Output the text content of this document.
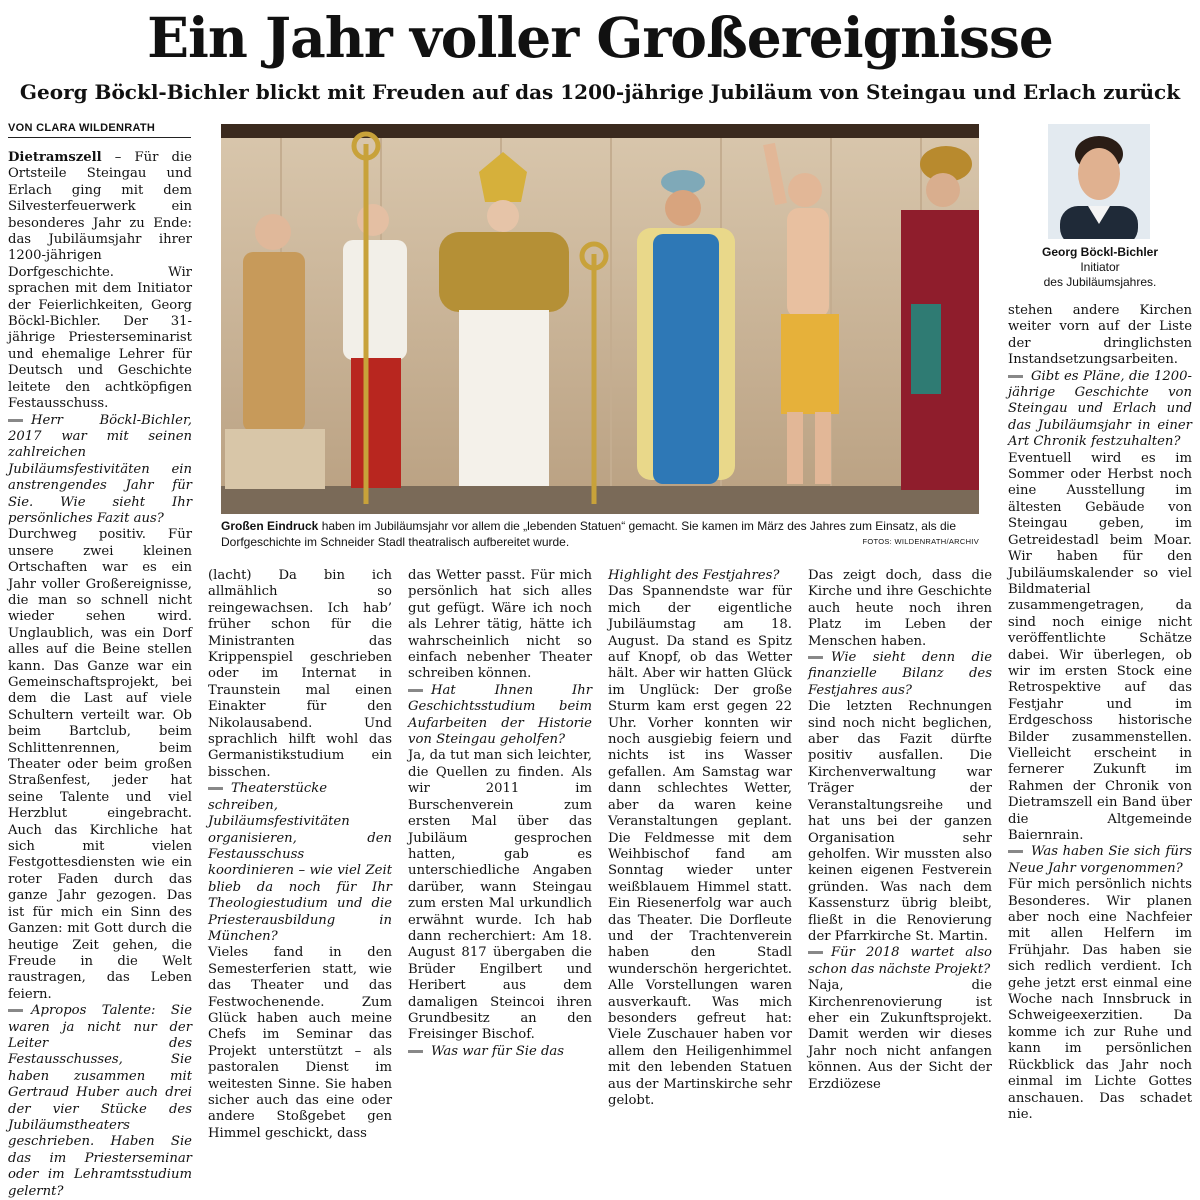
Ein Jahr voller Großereignisse
Georg Böckl-Bichler blickt mit Freuden auf das 1200-jährige Jubiläum von Steingau und Erlach zurück
VON CLARA WILDENRATH

Dietramszell – Für die Ortsteile Steingau und Erlach ging mit dem Silvesterfeuerwerk ein besonderes Jahr zu Ende: das Jubiläumsjahr ihrer 1200-jährigen Dorfgeschichte. Wir sprachen mit dem Initiator der Feierlichkeiten, Georg Böckl-Bichler. Der 31-jährige Priesterseminarist und ehemalige Lehrer für Deutsch und Geschichte leitete den achtköpfigen Festausschuss.

Herr Böckl-Bichler, 2017 war mit seinen zahlreichen Jubiläumsfestivitäten ein anstrengendes Jahr für Sie. Wie sieht Ihr persönliches Fazit aus?

Durchweg positiv. Für unsere zwei kleinen Ortschaften war es ein Jahr voller Großereignisse, die man so schnell nicht wieder sehen wird. Unglaublich, was ein Dorf alles auf die Beine stellen kann. Das Ganze war ein Gemeinschaftsprojekt, bei dem die Last auf viele Schultern verteilt war. Ob beim Bartclub, beim Schlittenrennen, beim Theater oder beim großen Straßenfest, jeder hat seine Talente und viel Herzblut eingebracht. Auch das Kirchliche hat sich mit vielen Festgottesdiensten wie ein roter Faden durch das ganze Jahr gezogen. Das ist für mich ein Sinn des Ganzen: mit Gott durch die heutige Zeit gehen, die Freude in die Welt raustragen, das Leben feiern.

Apropos Talente: Sie waren ja nicht nur der Leiter des Festausschusses, Sie haben zusammen mit Gertraud Huber auch drei der vier Stücke des Jubiläumstheaters geschrieben. Haben Sie das im Priesterseminar oder im Lehramtsstudium gelernt?

Großen Eindruck haben im Jubiläumsjahr vor allem die „lebenden Statuen“ gemacht. Sie kamen im März des Jahres zum Einsatz, als die Dorfgeschichte im Schneider Stadl theatralisch aufbereitet wurde.	FOTOS: WILDENRATH/ARCHIV
Georg Böckl-Bichler
Initiator
des Jubiläumsjahres.

(lacht) Da bin ich allmählich so reingewachsen. Ich hab’ früher schon für die Ministranten das Krippenspiel geschrieben oder im Internat in Traunstein mal einen Einakter für den Nikolausabend. Und sprachlich hilft wohl das Germanistikstudium ein bisschen.

Theaterstücke schreiben, Jubiläumsfestivitäten organisieren, den Festausschuss koordinieren – wie viel Zeit blieb da noch für Ihr Theologiestudium und die Priesterausbildung in München?

Vieles fand in den Semesterferien statt, wie das Theater und das Festwochenende. Zum Glück haben auch meine Chefs im Seminar das Projekt unterstützt – als pastoralen Dienst im weitesten Sinne. Sie haben sicher auch das eine oder andere Stoßgebet gen Himmel geschickt, dass

das Wetter passt. Für mich persönlich hat sich alles gut gefügt. Wäre ich noch als Lehrer tätig, hätte ich wahrscheinlich nicht so einfach nebenher Theater schreiben können.

Hat Ihnen Ihr Geschichtsstudium beim Aufarbeiten der Historie von Steingau geholfen?

Ja, da tut man sich leichter, die Quellen zu finden. Als wir 2011 im Burschenverein zum ersten Mal über das Jubiläum gesprochen hatten, gab es unterschiedliche Angaben darüber, wann Steingau zum ersten Mal urkundlich erwähnt wurde. Ich hab dann recherchiert: Am 18. August 817 übergaben die Brüder Engilbert und Heribert aus dem damaligen Steincoi ihren Grundbesitz an den Freisinger Bischof.

Was war für Sie das

Highlight des Festjahres?

Das Spannendste war für mich der eigentliche Jubiläumstag am 18. August. Da stand es Spitz auf Knopf, ob das Wetter hält. Aber wir hatten Glück im Unglück: Der große Sturm kam erst gegen 22 Uhr. Vorher konnten wir noch ausgiebig feiern und nichts ist ins Wasser gefallen. Am Samstag war dann schlechtes Wetter, aber da waren keine Veranstaltungen geplant. Die Feldmesse mit dem Weihbischof fand am Sonntag wieder unter weißblauem Himmel statt. Ein Riesenerfolg war auch das Theater. Die Dorfleute und der Trachtenverein haben den Stadl wunderschön hergerichtet. Alle Vorstellungen waren ausverkauft. Was mich besonders gefreut hat: Viele Zuschauer haben vor allem den Heiligenhimmel mit den lebenden Statuen aus der Martinskirche sehr gelobt.

Das zeigt doch, dass die Kirche und ihre Geschichte auch heute noch ihren Platz im Leben der Menschen haben.

Wie sieht denn die finanzielle Bilanz des Festjahres aus?

Die letzten Rechnungen sind noch nicht beglichen, aber das Fazit dürfte positiv ausfallen. Die Kirchenverwaltung war Träger der Veranstaltungsreihe und hat uns bei der ganzen Organisation sehr geholfen. Wir mussten also keinen eigenen Festverein gründen. Was nach dem Kassensturz übrig bleibt, fließt in die Renovierung der Pfarrkirche St. Martin.

Für 2018 wartet also schon das nächste Projekt?

Naja, die Kirchenrenovierung ist eher ein Zukunftsprojekt. Damit werden wir dieses Jahr noch nicht anfangen können. Aus der Sicht der Erzdiözese

stehen andere Kirchen weiter vorn auf der Liste der dringlichsten Instandsetzungsarbeiten.

Gibt es Pläne, die 1200-jährige Geschichte von Steingau und Erlach und das Jubiläumsjahr in einer Art Chronik festzuhalten?

Eventuell wird es im Sommer oder Herbst noch eine Ausstellung im ältesten Gebäude von Steingau geben, im Getreidestadl beim Moar. Wir haben für den Jubiläumskalender so viel Bildmaterial zusammengetragen, da sind noch einige nicht veröffentlichte Schätze dabei. Wir überlegen, ob wir im ersten Stock eine Retrospektive auf das Festjahr und im Erdgeschoss historische Bilder zusammenstellen. Vielleicht erscheint in fernerer Zukunft im Rahmen der Chronik von Dietramszell ein Band über die Altgemeinde Baiernrain.

Was haben Sie sich fürs Neue Jahr vorgenommen?

Für mich persönlich nichts Besonderes. Wir planen aber noch eine Nachfeier mit allen Helfern im Frühjahr. Das haben sie sich redlich verdient. Ich gehe jetzt erst einmal eine Woche nach Innsbruck in Schweigeexerzitien. Da komme ich zur Ruhe und kann im persönlichen Rückblick das Jahr noch einmal im Lichte Gottes anschauen. Das schadet nie.
